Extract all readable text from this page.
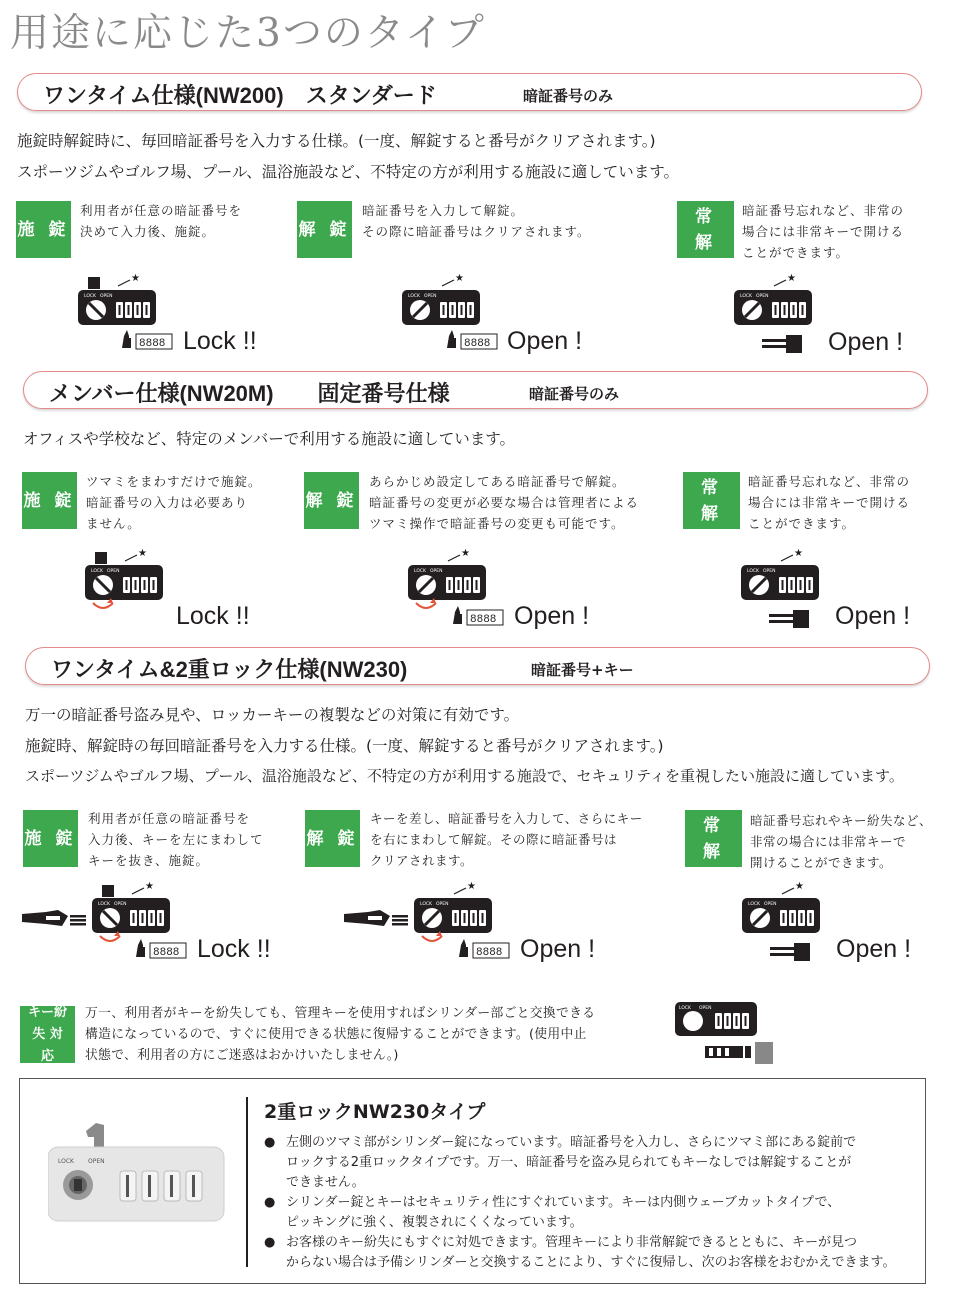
用途に応じた3つのタイプ
ワンタイム仕様(NW200)　スタンダード	暗証番号のみ
施錠時解錠時に、毎回暗証番号を入力する仕様。(一度、解錠すると番号がクリアされます。)
スポーツジムやゴルフ場、プール、温浴施設など、不特定の方が利用する施設に適しています。
施 錠
利用者が任意の暗証番号を
決めて入力後、施錠。	解 錠
暗証番号を入力して解錠。
その際に暗証番号はクリアされます。
非 常 解 錠
暗証番号忘れなど、非常の
場合には非常キーで開ける
ことができます。
★
LOCK OPEN
8888 Lock !!
★
LOCK OPEN
8888 Open !
★
LOCK OPEN
Open !
メンバー仕様(NW20M)　　固定番号仕様	暗証番号のみ
オフィスや学校など、特定のメンバーで利用する施設に適しています。
施 錠
ツマミをまわすだけで施錠。
暗証番号の入力は必要あり
ません。
解 錠
あらかじめ設定してある暗証番号で解錠。
暗証番号の変更が必要な場合は管理者による
ツマミ操作で暗証番号の変更も可能です。
非 常 解 錠
暗証番号忘れなど、非常の
場合には非常キーで開ける
ことができます。
★
LOCK OPEN
Lock !!
★
LOCK OPEN
8888 Open !
★
LOCK OPEN
Open !
ワンタイム&2重ロック仕様(NW230)	暗証番号+キー
万一の暗証番号盗み見や、ロッカーキーの複製などの対策に有効です。
施錠時、解錠時の毎回暗証番号を入力する仕様。(一度、解錠すると番号がクリアされます。)
スポーツジムやゴルフ場、プール、温浴施設など、不特定の方が利用する施設で、セキュリティを重視したい施設に適しています。
施 錠
利用者が任意の暗証番号を
入力後、キーを左にまわして
キーを抜き、施錠。
解 錠
キーを差し、暗証番号を入力して、さらにキー
を右にまわして解錠。その際に暗証番号は
クリアされます。
非 常 解 錠
暗証番号忘れやキー紛失など、
非常の場合には非常キーで
開けることができます。
★
LOCK OPEN
8888 Lock !!
★
LOCK OPEN
8888 Open !
★
LOCK OPEN
Open !
キー紛失 対応
万一、利用者がキーを紛失しても、管理キーを使用すればシリンダー部ごと交換できる
構造になっているので、すぐに使用できる状態に復帰することができます。(使用中止
状態で、利用者の方にご迷惑はおかけいたしません。)
LOCK OPEN
LOCK OPEN
2重ロックNW230タイプ
● 左側のツマミ部がシリンダー錠になっています。暗証番号を入力し、さらにツマミ部にある錠前で
ロックする2重ロックタイプです。万一、暗証番号を盗み見られてもキーなしでは解錠することが
できません。
● シリンダー錠とキーはセキュリティ性にすぐれています。キーは内側ウェーブカットタイプで、
ピッキングに強く、複製されにくくなっています。
● お客様のキー紛失にもすぐに対処できます。管理キーにより非常解錠できるとともに、キーが見つ
からない場合は予備シリンダーと交換することにより、すぐに復帰し、次のお客様をおむかえできます。
